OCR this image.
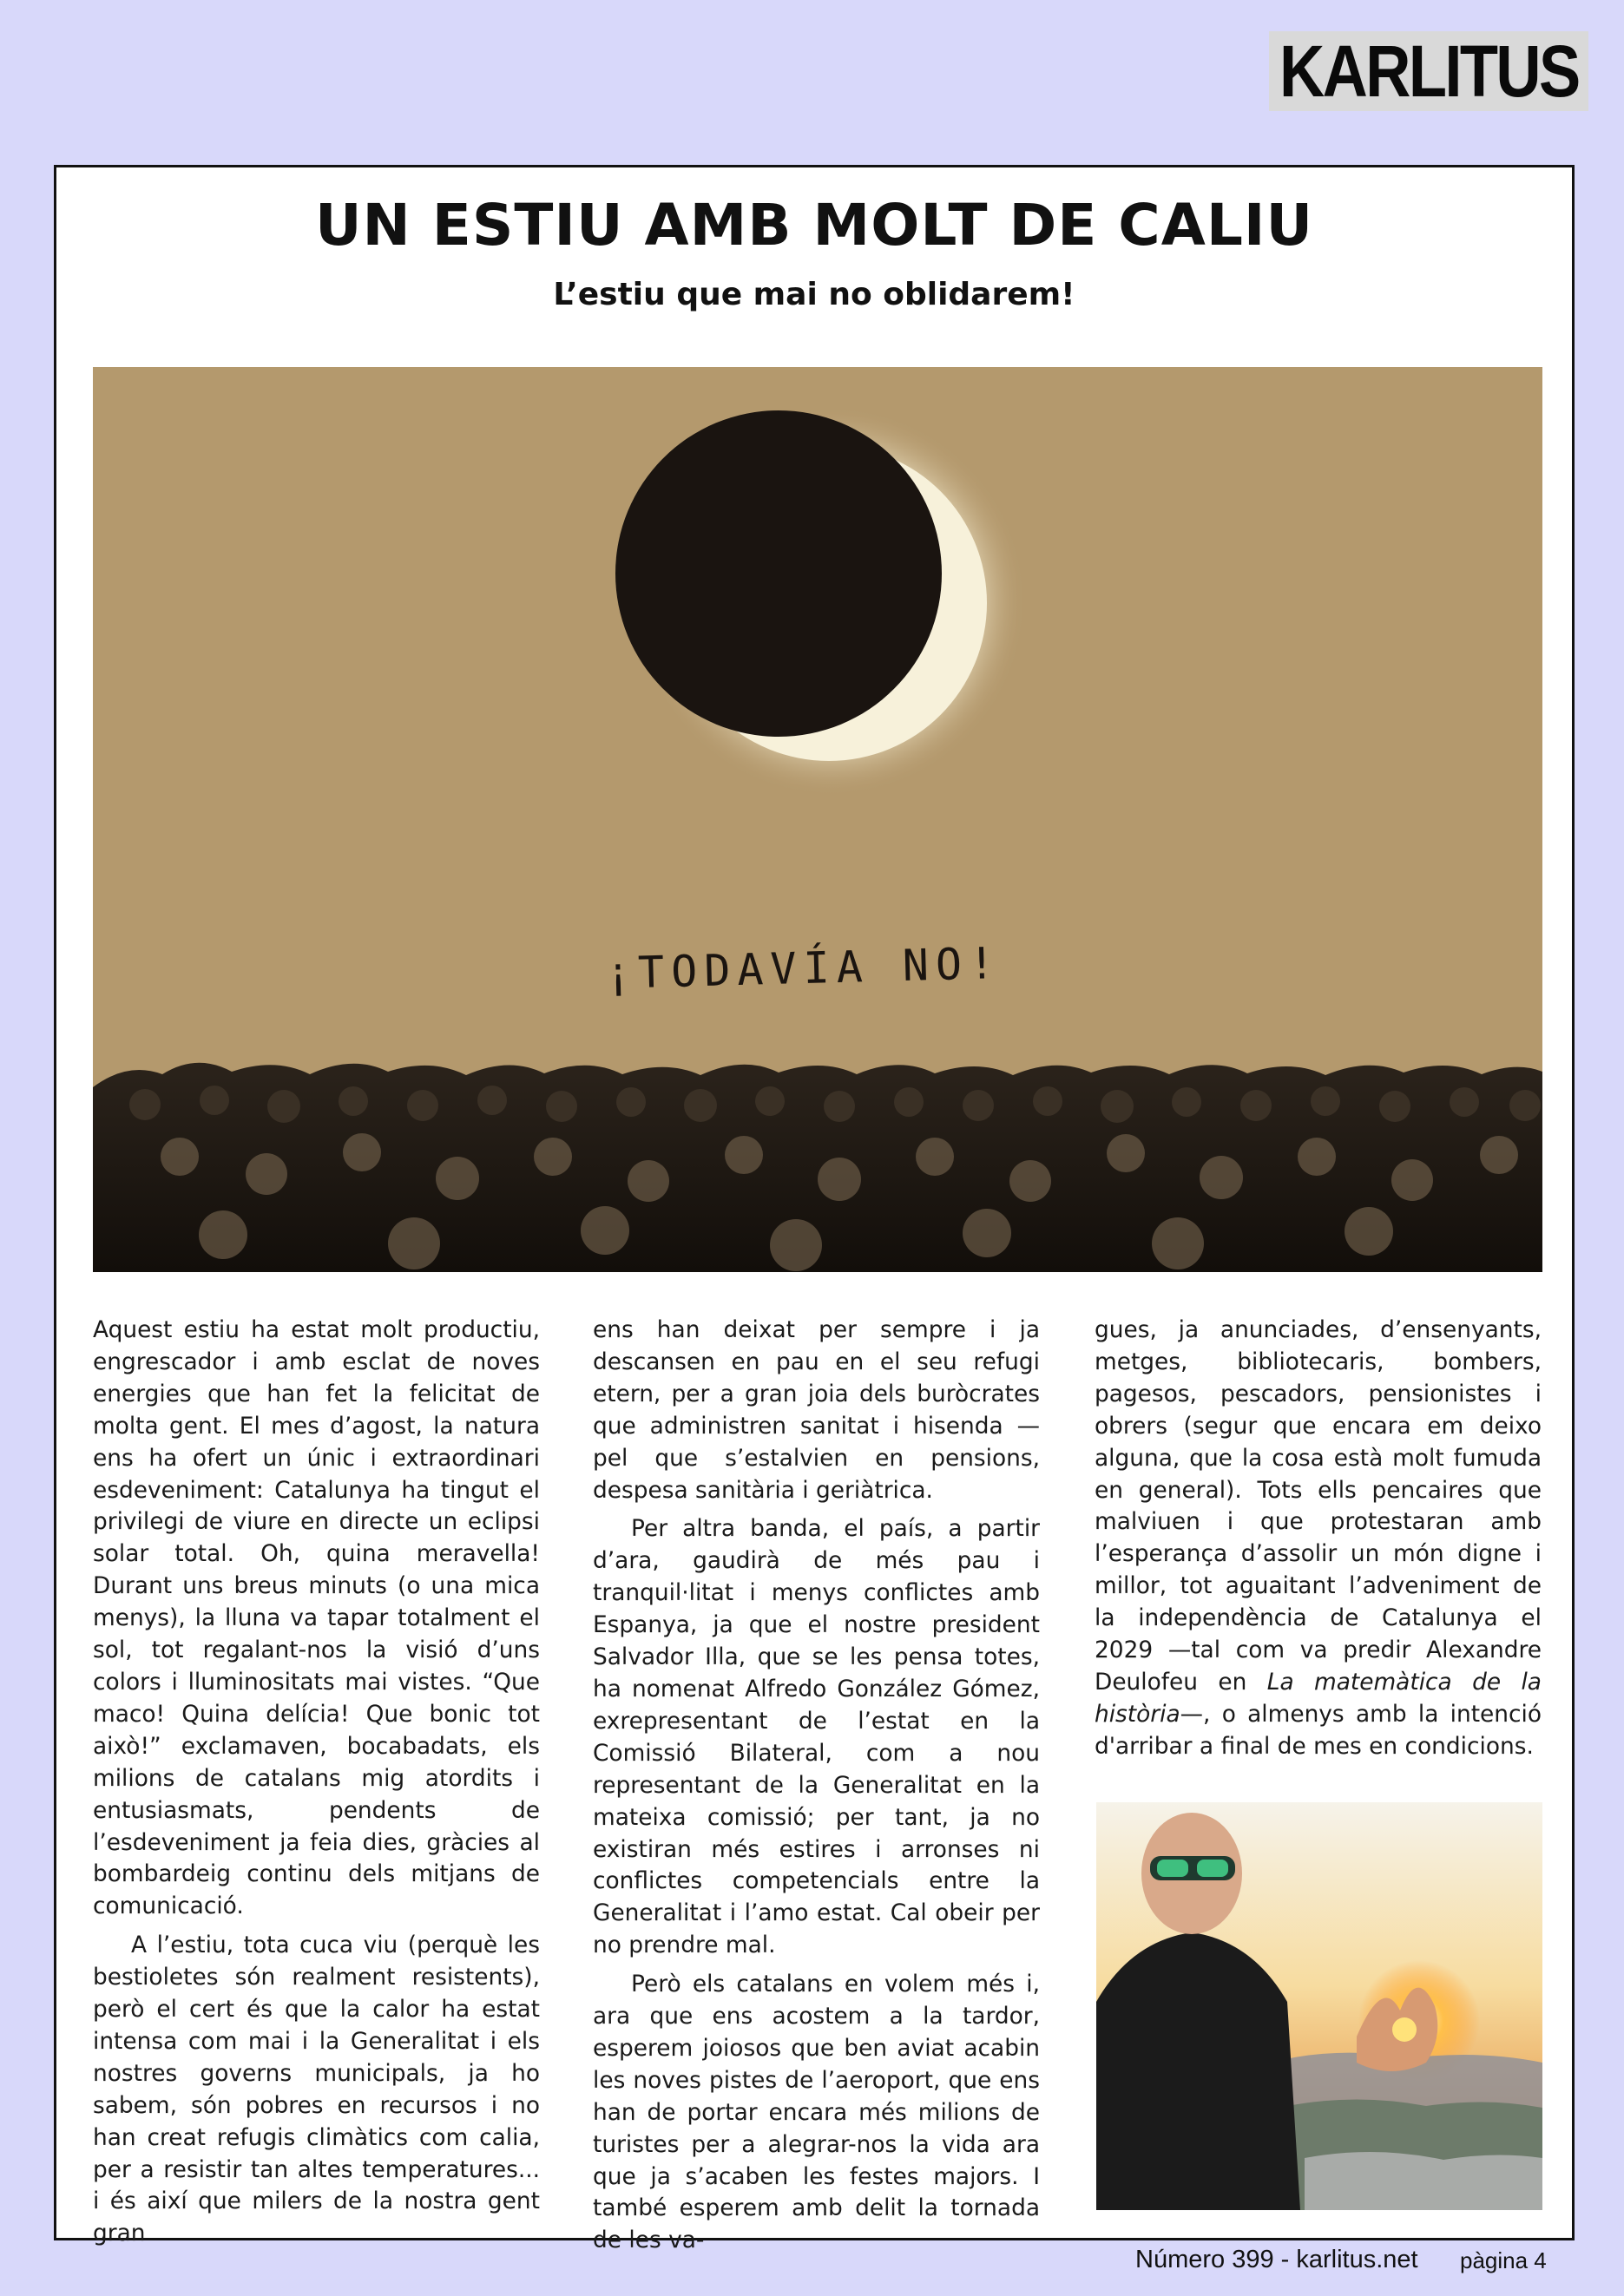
KARLITUS
UN ESTIU AMB MOLT DE CALIU
L’estiu que mai no oblidarem!
¡TODAVÍA NO!

Aquest estiu ha estat molt productiu, engrescador i amb esclat de noves energies que han fet la felicitat de molta gent. El mes d’agost, la natura ens ha ofert un únic i extraordinari esdeveniment: Catalunya ha tingut el privilegi de viure en directe un eclipsi solar total. Oh, quina meravella! Durant uns breus minuts (o una mica menys), la lluna va tapar totalment el sol, tot regalant-nos la visió d’uns colors i lluminositats mai vistes. “Que maco! Quina delícia! Que bonic tot això!” exclamaven, bocabadats, els milions de catalans mig atordits i entusiasmats, pendents de l’esdeveniment ja feia dies, gràcies al bombardeig continu dels mitjans de comunicació.

A l’estiu, tota cuca viu (perquè les bestioletes són realment resistents), però el cert és que la calor ha estat intensa com mai i la Generalitat i els nostres governs municipals, ja ho sabem, són pobres en recursos i no han creat refugis climàtics com calia, per a resistir tan altes temperatures... i és així que milers de la nostra gent gran

ens han deixat per sempre i ja descansen en pau en el seu refugi etern, per a gran joia dels buròcrates que administren sanitat i hisenda —pel que s’estalvien en pensions, despesa sanitària i geriàtrica.

Per altra banda, el país, a partir d’ara, gaudirà de més pau i tranquil·litat i menys conflictes amb Espanya, ja que el nostre president Salvador Illa, que se les pensa totes, ha nomenat Alfredo González Gómez, exrepresentant de l’estat en la Comissió Bilateral, com a nou representant de la Generalitat en la mateixa comissió; per tant, ja no existiran més estires i arronses ni conflictes competencials entre la Generalitat i l’amo estat. Cal obeir per no prendre mal.

Però els catalans en volem més i, ara que ens acostem a la tardor, esperem joiosos que ben aviat acabin les noves pistes de l’aeroport, que ens han de portar encara més milions de turistes per a alegrar-nos la vida ara que ja s’acaben les festes majors. I també esperem amb delit la tornada de les va-

gues, ja anunciades, d’ensenyants, metges, bibliotecaris, bombers, pagesos, pescadors, pensionistes i obrers (segur que encara em deixo alguna, que la cosa està molt fumuda en general). Tots ells pencaires que malviuen i que protestaran amb l’esperança d’assolir un món digne i millor, tot aguaitant l’adveniment de la independència de Catalunya el 2029 —tal com va predir Alexandre Deulofeu en La matemàtica de la història—, o almenys amb la intenció d'arribar a final de mes en condicions.

Número 399 - karlitus.net pàgina 4
